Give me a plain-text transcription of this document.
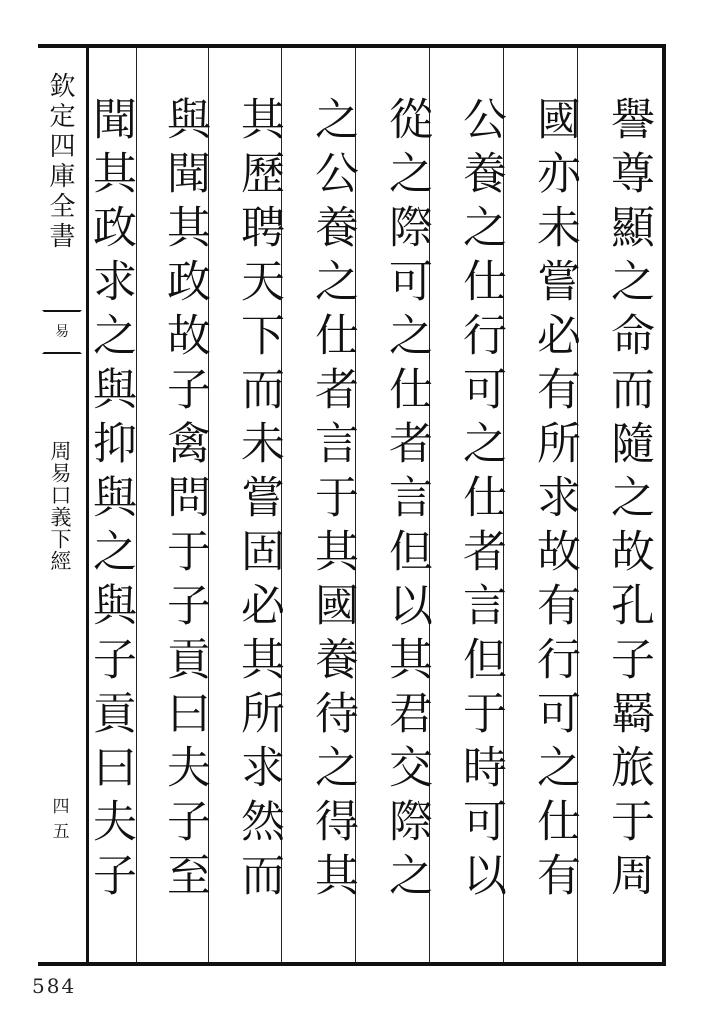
欽定四庫全書
易
周易口義下經
四五
譽尊顯之命而隨之故孔子羇旅于周
國亦未嘗必有所求故有行可之仕有
公養之仕行可之仕者言但于時可以
從之際可之仕者言但以其君交際之
之公養之仕者言于其國養待之得其
其歷聘天下而未嘗固必其所求然而
與聞其政故子禽問于子貢曰夫子至
聞其政求之與抑與之與子貢曰夫子
584
